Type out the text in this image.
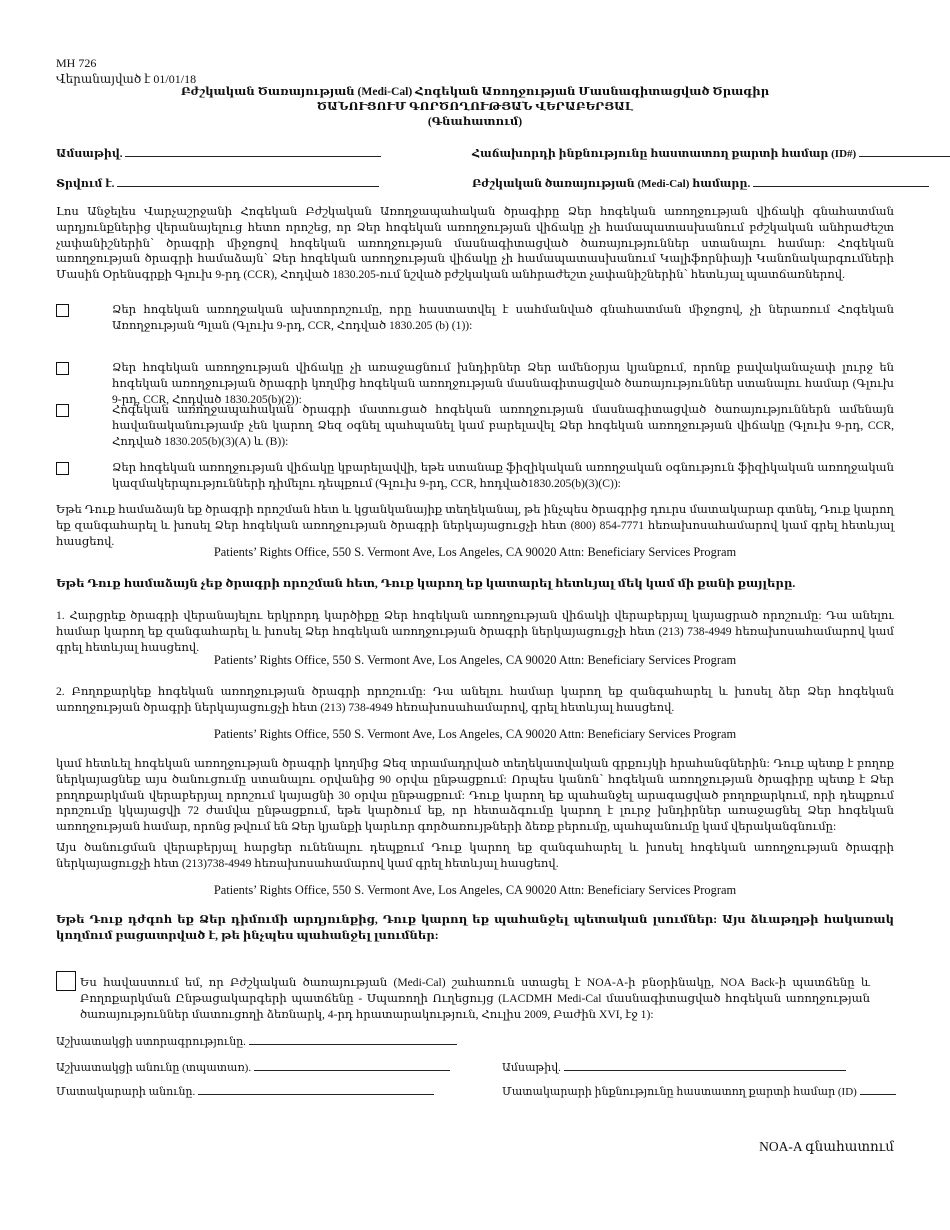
MH 726
Վերանայված է 01/01/18
Բժշկական Ծառայության (Medi-Cal) Հոգեկան Առողջության Մասնագիտացված Ծրագիր
ԾԱՆՈՒՑՈՒՄ ԳՈՐԾՈՂՈՒԹՅԱՆ ՎԵՐԱԲԵՐՅԱԼ
(Գնահատում)
Ամսաթիվ.	Հաճախորդի ինքնությունը հաստատող քարտի համար (ID#)
Տրվում է.	Բժշկական ծառայության (Medi-Cal) համարը.
Լոս Անջելես Վարչաշրջանի Հոգեկան Բժշկական Առողջապահական ծրագիրը Ձեր հոգեկան առողջության վիճակի գնահատման արդյունքներից վերանայելուց հետո որոշեց, որ Ձեր հոգեկան առողջության վիճակը չի համապատասխանում բժշկական անհրաժեշտ չափանիշներին՝ ծրագրի միջոցով հոգեկան առողջության մասնագիտացված ծառայություններ ստանալու համար: Հոգեկան առողջության ծրագրի համաձայն՝ Ձեր հոգեկան առողջության վիճակը չի համապատասխանում Կալիֆորնիայի Կանոնակարգումների Մասին Օրենսգրքի Գլուխ 9-րդ (CCR), Հոդված 1830.205-ում նշված բժշկական անհրաժեշտ չափանիշներին՝ հետևյալ պատճառներով.
Ձեր հոգեկան առողջական ախտորոշումը, որը հաստատվել է սահմանված գնահատման միջոցով, չի ներառում Հոգեկան Առողջության Պլան (Գլուխ 9-րդ, CCR, Հոդված 1830.205 (b) (1)):
Ձեր հոգեկան առողջության վիճակը չի առաջացնում խնդիրներ Ձեր ամենօրյա կյանքում, որոնք բավականաչափ լուրջ են հոգեկան առողջության ծրագրի կողմից հոգեկան առողջության մասնագիտացված ծառայություններ ստանալու համար (Գլուխ 9-րդ, CCR, Հոդված 1830.205(b)(2)):
Հոգեկան առողջապահական ծրագրի մատուցած հոգեկան առողջության մասնագիտացված ծառայություններն ամենայն հավանականությամբ չեն կարող Ձեզ օգնել պահպանել կամ բարելավել Ձեր հոգեկան առողջության վիճակը (Գլուխ 9-րդ, CCR, Հոդված 1830.205(b)(3)(A) և (B)):
Ձեր հոգեկան առողջության վիճակը կբարելավվի, եթե ստանաք ֆիզիկական առողջական օգնություն ֆիզիկական առողջական կազմակերպությունների դիմելու դեպքում (Գլուխ 9-րդ, CCR, հոդված1830.205(b)(3)(C)):
Եթե Դուք համաձայն եք ծրագրի որոշման հետ և կցանկանայիք տեղեկանալ, թե ինչպես ծրագրից դուրս մատակարար գտնել, Դուք կարող եք զանգահարել և խոսել Ձեր հոգեկան առողջության ծրագրի ներկայացուցչի հետ (800) 854-7771 հեռախոսահամարով կամ գրել հետևյալ հասցեով.
Patients’ Rights Office, 550 S. Vermont Ave, Los Angeles, CA 90020 Attn: Beneficiary Services Program
Եթե Դուք համաձայն չեք ծրագրի որոշման հետ, Դուք կարող եք կատարել հետևյալ մեկ կամ մի քանի քայլերը.
1. Հարցրեք ծրագրի վերանայելու երկրորդ կարծիքը Ձեր հոգեկան առողջության վիճակի վերաբերյալ կայացրած որոշումը: Դա անելու համար կարող եք զանգահարել և խոսել Ձեր հոգեկան առողջության ծրագրի ներկայացուցչի հետ (213) 738-4949 հեռախոսահամարով կամ գրել հետևյալ հասցեով.
Patients’ Rights Office, 550 S. Vermont Ave, Los Angeles, CA 90020 Attn: Beneficiary Services Program
2. Բողոքարկեք հոգեկան առողջության ծրագրի որոշումը: Դա անելու համար կարող եք զանգահարել և խոսել ձեր Ձեր հոգեկան առողջության ծրագրի ներկայացուցչի հետ (213) 738-4949 հեռախոսահամարով, գրել հետևյալ հասցեով.
Patients’ Rights Office, 550 S. Vermont Ave, Los Angeles, CA 90020 Attn: Beneficiary Services Program
կամ հետևել հոգեկան առողջության ծրագրի կողմից Ձեզ տրամադրված տեղեկատվական գրքույկի հրահանգներին: Դուք պետք է բողոք ներկայացնեք այս ծանուցումը ստանալու օրվանից 90 օրվա ընթացքում: Որպես կանոն՝ հոգեկան առողջության ծրագիրը պետք է Ձեր բողոքարկման վերաբերյալ որոշում կայացնի 30 օրվա ընթացքում: Դուք կարող եք պահանջել արագացված բողոքարկում, որի դեպքում որոշումը կկայացվի 72 ժամվա ընթացքում, եթե կարծում եք, որ հետաձգումը կարող է լուրջ խնդիրներ առաջացնել Ձեր հոգեկան առողջության համար, որոնց թվում են Ձեր կյանքի կարևոր գործառույթների ձեռք բերումը, պահպանումը կամ վերականգնումը:
Այս ծանուցման վերաբերյալ հարցեր ունենալու դեպքում Դուք կարող եք զանգահարել և խոսել հոգեկան առողջության ծրագրի ներկայացուցչի հետ (213)738-4949 հեռախոսահամարով կամ գրել հետևյալ հասցեով.
Patients’ Rights Office, 550 S. Vermont Ave, Los Angeles, CA 90020 Attn: Beneficiary Services Program
Եթե Դուք դժգոհ եք Ձեր դիմումի արդյունքից, Դուք կարող եք պահանջել պետական լսումներ: Այս ձևաթղթի հակառակ կողմում բացատրված է, թե ինչպես պահանջել լսումներ:
Ես հավաստում եմ, որ Բժշկական ծառայության (Medi-Cal) շահառուն ստացել է NOA-A-ի բնօրինակը, NOA Back-ի պատճենը և Բողոքարկման Ընթացակարգերի պատճենը - Սպառողի Ուղեցույց (LACDMH Medi-Cal մասնագիտացված հոգեկան առողջության ծառայություններ մատուցողի ձեռնարկ, 4-րդ հրատարակություն, Հուլիս 2009, Բաժին XVI, էջ 1):
Աշխատակցի ստորագրությունը.
Աշխատակցի անունը (տպատառ).	Ամսաթիվ.
Մատակարարի անունը.	Մատակարարի ինքնությունը հաստատող քարտի համար (ID)
NOA-A գնահատում
